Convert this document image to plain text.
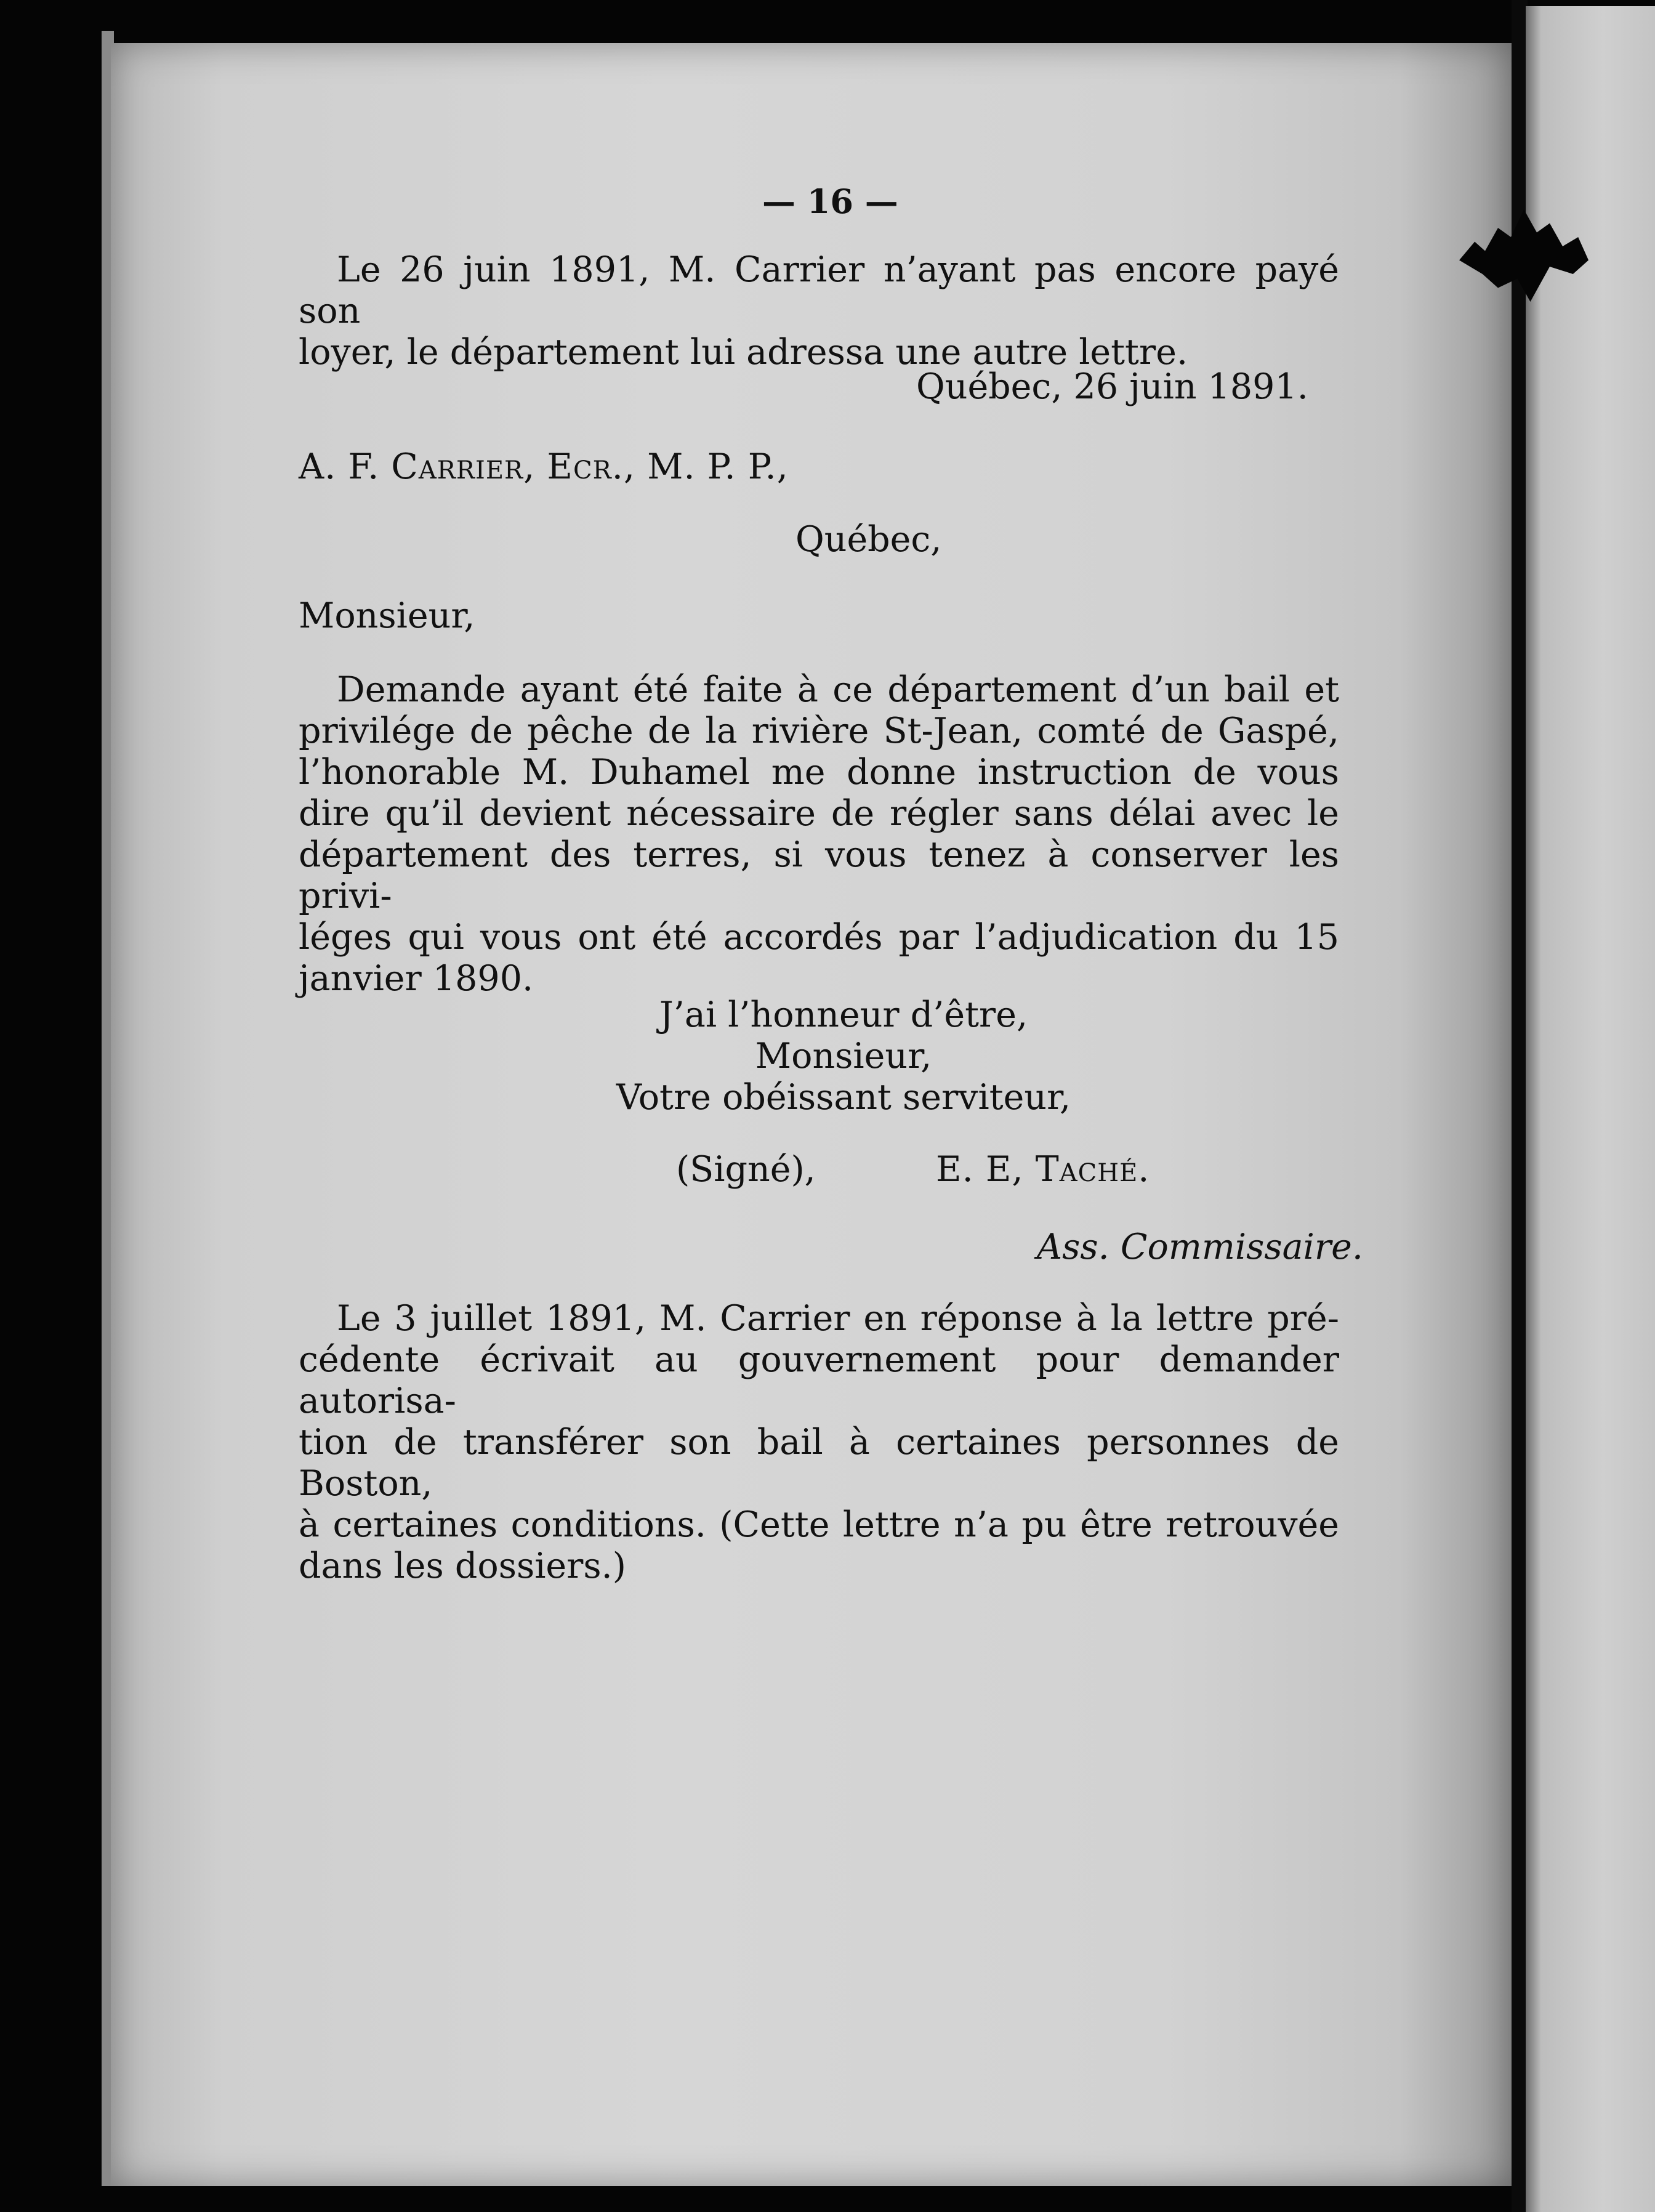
— 16 —
Le 26 juin 1891, M. Carrier n’ayant pas encore payé son
loyer, le département lui adressa une autre lettre.
Québec, 26 juin 1891.
A. F. Carrier, Ecr., M. P. P.,
Québec,
Monsieur,
Demande ayant été faite à ce département d’un bail et
privilége de pêche de la rivière St-Jean, comté de Gaspé,
l’honorable M. Duhamel me donne instruction de vous
dire qu’il devient nécessaire de régler sans délai avec le
département des terres, si vous tenez à conserver les privi-
léges qui vous ont été accordés par l’adjudication du 15
janvier 1890.
J’ai l’honneur d’être,
Monsieur,
Votre obéissant serviteur,
(Signé),	E. E, Taché.
Ass. Commissaire.
Le 3 juillet 1891, M. Carrier en réponse à la lettre pré-
cédente écrivait au gouvernement pour demander autorisa-
tion de transférer son bail à certaines personnes de Boston,
à certaines conditions. (Cette lettre n’a pu être retrouvée
dans les dossiers.)
